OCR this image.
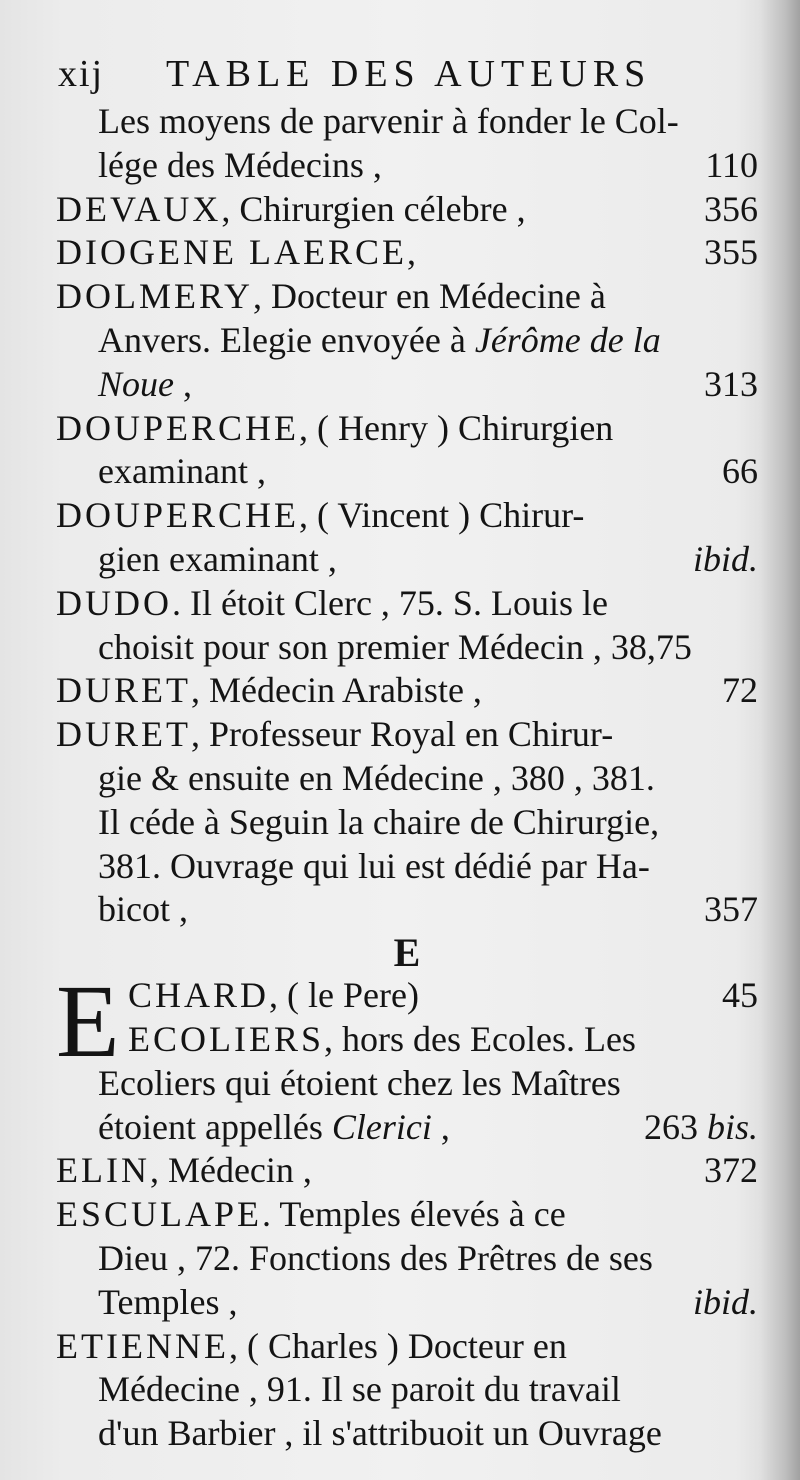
xij TABLE DES AUTEURS
Les moyens de parvenir à fonder le Col-
lége des Médecins ,	110
DEVAUX, Chirurgien célebre ,	356
DIOGENE LAERCE,	355
DOLMERY, Docteur en Médecine à
Anvers. Elegie envoyée à Jérôme de la
Noue ,	313
DOUPERCHE, ( Henry ) Chirurgien
examinant ,	66
DOUPERCHE, ( Vincent ) Chirur-
gien examinant ,	ibid.
DUDO. Il étoit Clerc , 75. S. Louis le
choisit pour son premier Médecin , 38,75
DURET, Médecin Arabiste ,	72
DURET, Professeur Royal en Chirur-
gie & ensuite en Médecine , 380 , 381.
Il céde à Seguin la chaire de Chirurgie,
381. Ouvrage qui lui est dédié par Ha-
bicot ,	357
E
E CHARD, ( le Pere)	45
ECOLIERS, hors des Ecoles. Les
Ecoliers qui étoient chez les Maîtres
étoient appellés Clerici ,	263 bis.
ELIN, Médecin ,	372
ESCULAPE. Temples élevés à ce
Dieu , 72. Fonctions des Prêtres de ses
Temples ,	ibid.
ETIENNE, ( Charles ) Docteur en
Médecine , 91. Il se paroit du travail
d'un Barbier , il s'attribuoit un Ouvrage
